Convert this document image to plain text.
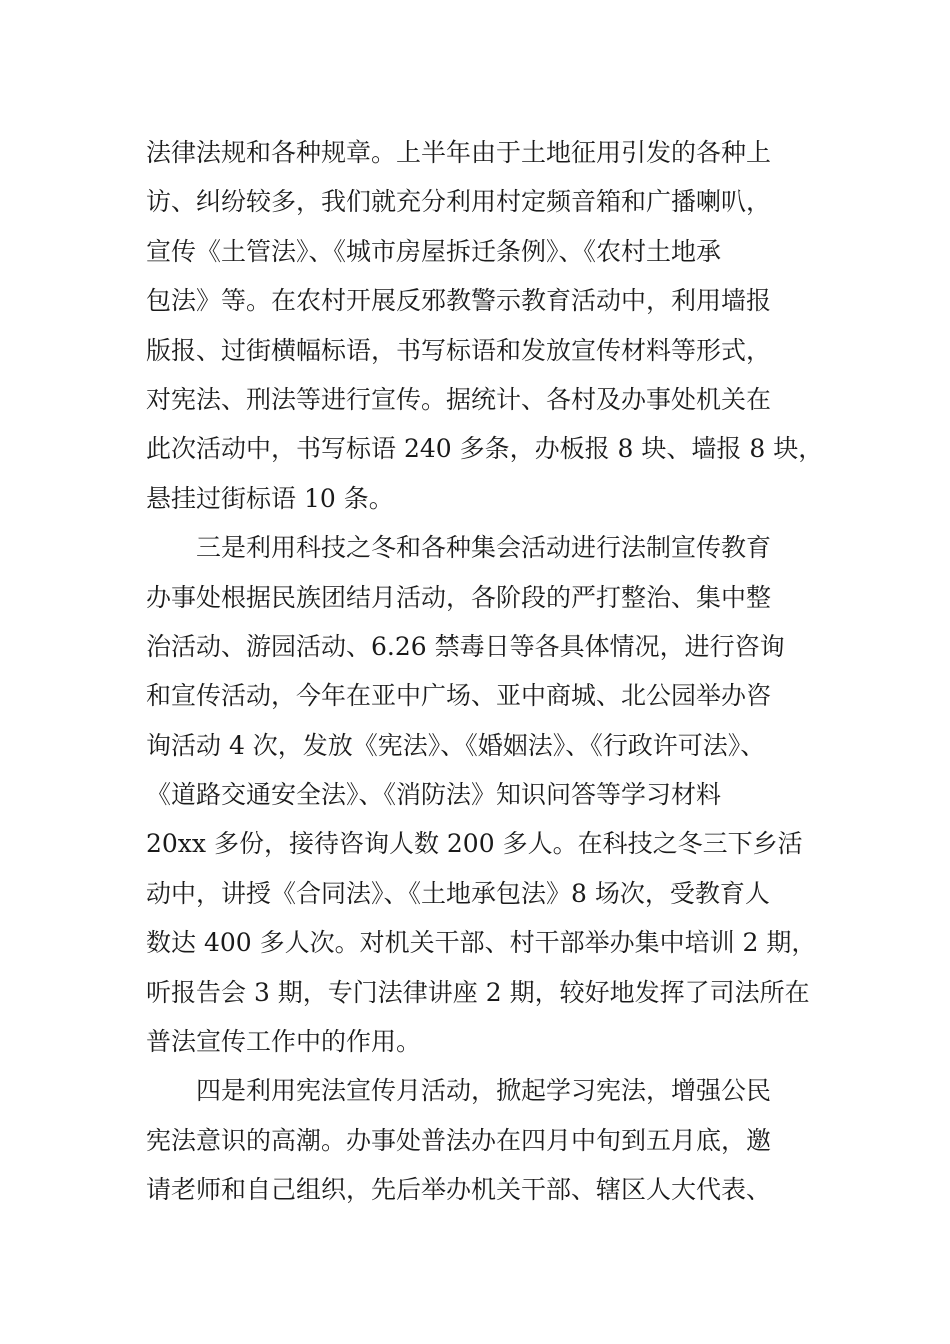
法律法规和各种规章。上半年由于土地征用引发的各种上
访、纠纷较多，我们就充分利用村定频音箱和广播喇叭，
宣传《土管法》、《城市房屋拆迁条例》、《农村土地承
包法》等。在农村开展反邪教警示教育活动中，利用墙报
版报、过街横幅标语，书写标语和发放宣传材料等形式，
对宪法、刑法等进行宣传。据统计、各村及办事处机关在
此次活动中，书写标语 240 多条，办板报 8 块、墙报 8 块，
悬挂过街标语 10 条。
三是利用科技之冬和各种集会活动进行法制宣传教育
办事处根据民族团结月活动，各阶段的严打整治、集中整
治活动、游园活动、6.26 禁毒日等各具体情况，进行咨询
和宣传活动，今年在亚中广场、亚中商城、北公园举办咨
询活动 4 次，发放《宪法》、《婚姻法》、《行政许可法》、
《道路交通安全法》、《消防法》知识问答等学习材料
20xx 多份，接待咨询人数 200 多人。在科技之冬三下乡活
动中，讲授《合同法》、《土地承包法》8 场次，受教育人
数达 400 多人次。对机关干部、村干部举办集中培训 2 期，
听报告会 3 期，专门法律讲座 2 期，较好地发挥了司法所在
普法宣传工作中的作用。
四是利用宪法宣传月活动，掀起学习宪法，增强公民
宪法意识的高潮。办事处普法办在四月中旬到五月底，邀
请老师和自己组织，先后举办机关干部、辖区人大代表、
